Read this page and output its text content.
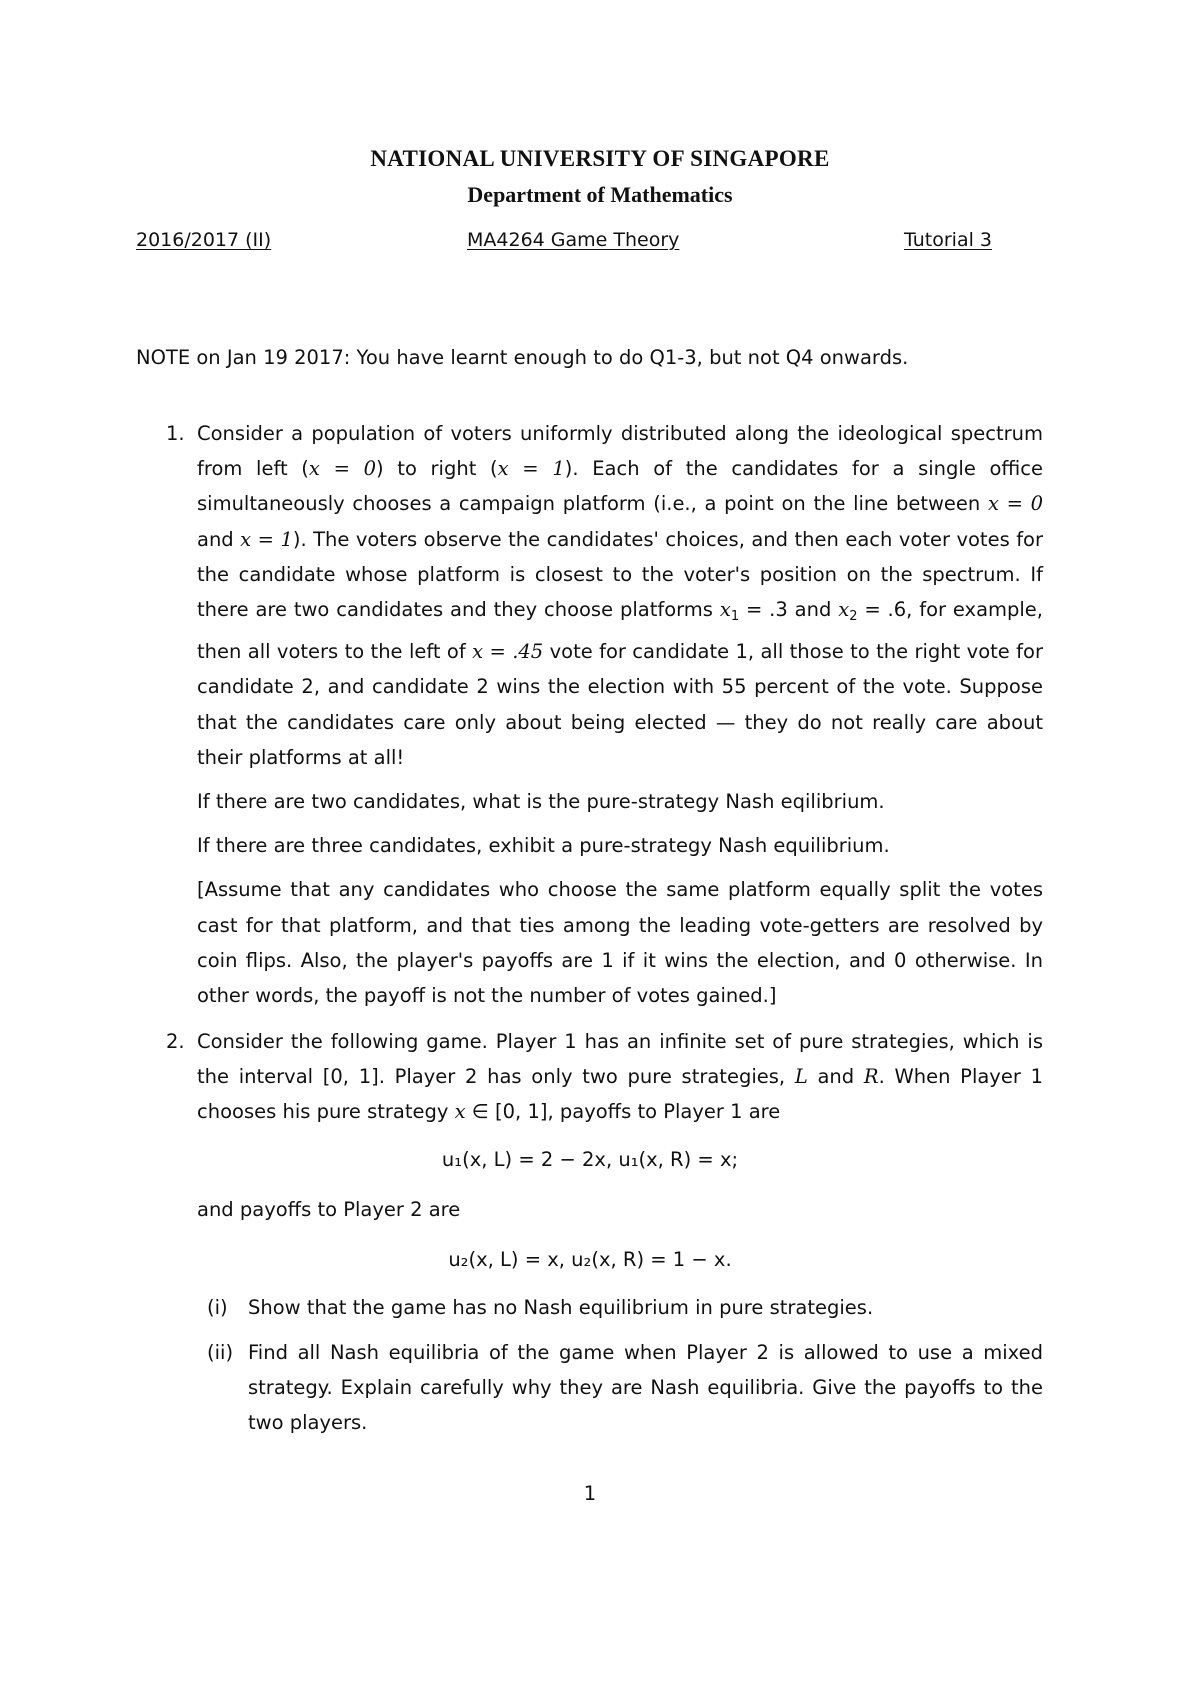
NATIONAL UNIVERSITY OF SINGAPORE
Department of Mathematics
2016/2017 (II)	MA4264 Game Theory	Tutorial 3
NOTE on Jan 19 2017: You have learnt enough to do Q1-3, but not Q4 onwards.
1. Consider a population of voters uniformly distributed along the ideological spectrum from left (x = 0) to right (x = 1). Each of the candidates for a single office simultaneously chooses a campaign platform (i.e., a point on the line between x = 0 and x = 1). The voters observe the candidates' choices, and then each voter votes for the candidate whose platform is closest to the voter's position on the spectrum. If there are two candidates and they choose platforms $x_1 = .3$ and $x_2 = .6$, for example, then all voters to the left of x = .45 vote for candidate 1, all those to the right vote for candidate 2, and candidate 2 wins the election with 55 percent of the vote. Suppose that the candidates care only about being elected — they do not really care about their platforms at all!

If there are two candidates, what is the pure-strategy Nash eqilibrium.

If there are three candidates, exhibit a pure-strategy Nash equilibrium.

[Assume that any candidates who choose the same platform equally split the votes cast for that platform, and that ties among the leading vote-getters are resolved by coin flips. Also, the player's payoffs are 1 if it wins the election, and 0 otherwise. In other words, the payoff is not the number of votes gained.]

2. Consider the following game. Player 1 has an infinite set of pure strategies, which is the interval [0, 1]. Player 2 has only two pure strategies, L and R. When Player 1 chooses his pure strategy x ∈ [0, 1], payoffs to Player 1 are

u₁(x, L) = 2 − 2x, u₁(x, R) = x;
and payoffs to Player 2 are
u₂(x, L) = x, u₂(x, R) = 1 − x.
(i) Show that the game has no Nash equilibrium in pure strategies.
(ii) Find all Nash equilibria of the game when Player 2 is allowed to use a mixed strategy. Explain carefully why they are Nash equilibria. Give the payoffs to the two players.
1
